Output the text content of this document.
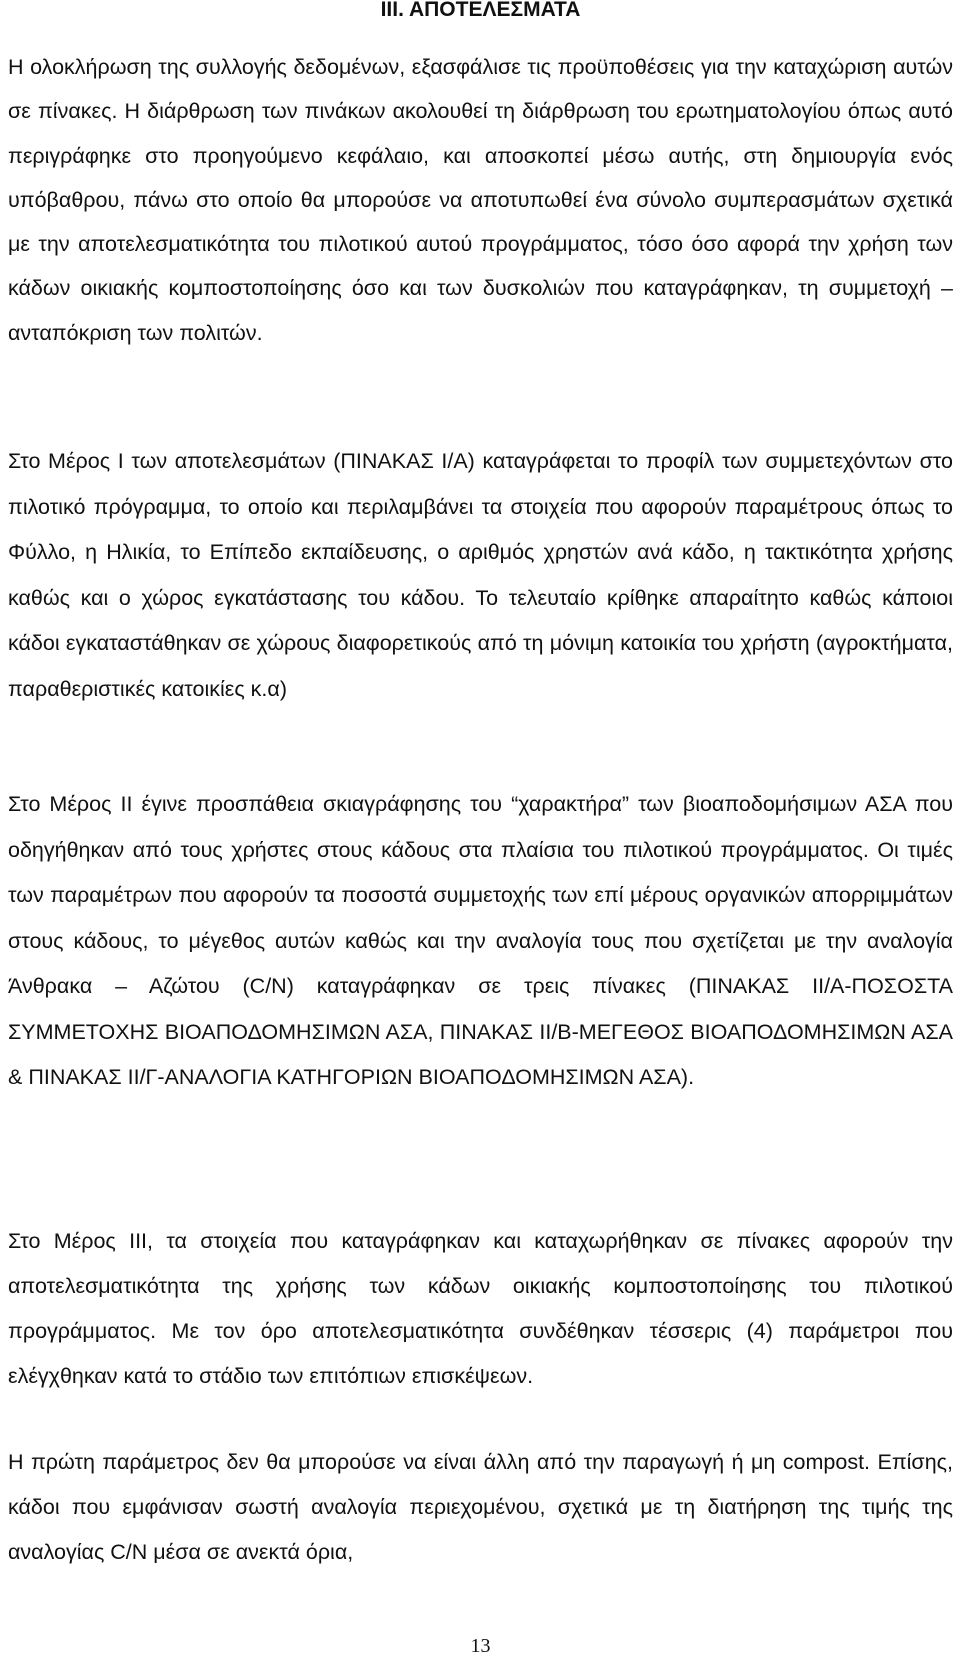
ΙΙΙ. ΑΠΟΤΕΛΕΣΜΑΤΑ

Η ολοκλήρωση της συλλογής δεδομένων, εξασφάλισε τις προϋποθέσεις για την καταχώριση αυτών σε πίνακες. Η διάρθρωση των πινάκων ακολουθεί τη διάρθρωση του ερωτηματολογίου όπως αυτό περιγράφηκε στο προηγούμενο κεφάλαιο, και αποσκοπεί μέσω αυτής, στη δημιουργία ενός υπόβαθρου, πάνω στο οποίο θα μπορούσε να αποτυπωθεί ένα σύνολο συμπερασμάτων σχετικά με την αποτελεσματικότητα του πιλοτικού αυτού προγράμματος, τόσο όσο αφορά την χρήση των κάδων οικιακής κομποστοποίησης όσο και των δυσκολιών που καταγράφηκαν, τη συμμετοχή – ανταπόκριση των πολιτών.

Στο Μέρος Ι των αποτελεσμάτων (ΠΙΝΑΚΑΣ Ι/Α) καταγράφεται το προφίλ των συμμετεχόντων στο πιλοτικό πρόγραμμα, το οποίο και περιλαμβάνει τα στοιχεία που αφορούν παραμέτρους όπως το Φύλλο, η Ηλικία, το Επίπεδο εκπαίδευσης, ο αριθμός χρηστών ανά κάδο, η τακτικότητα χρήσης καθώς και ο χώρος εγκατάστασης του κάδου. Το τελευταίο κρίθηκε απαραίτητο καθώς κάποιοι κάδοι εγκαταστάθηκαν σε χώρους διαφορετικούς από τη μόνιμη κατοικία του χρήστη (αγροκτήματα, παραθεριστικές κατοικίες κ.α)

Στο Μέρος ΙΙ έγινε προσπάθεια σκιαγράφησης του “χαρακτήρα” των βιοαποδομήσιμων ΑΣΑ που οδηγήθηκαν από τους χρήστες στους κάδους στα πλαίσια του πιλοτικού προγράμματος. Οι τιμές των παραμέτρων που αφορούν τα ποσοστά συμμετοχής των επί μέρους οργανικών απορριμμάτων στους κάδους, το μέγεθος αυτών καθώς και την αναλογία τους που σχετίζεται με την αναλογία Άνθρακα – Αζώτου (C/N) καταγράφηκαν σε τρεις πίνακες (ΠΙΝΑΚΑΣ ΙΙ/Α-ΠΟΣΟΣΤΑ ΣΥΜΜΕΤΟΧΗΣ ΒΙΟΑΠΟΔΟΜΗΣΙΜΩΝ ΑΣΑ, ΠΙΝΑΚΑΣ ΙΙ/Β-ΜΕΓΕΘΟΣ ΒΙΟΑΠΟΔΟΜΗΣΙΜΩΝ ΑΣΑ & ΠΙΝΑΚΑΣ ΙΙ/Γ-ΑΝΑΛΟΓΙΑ ΚΑΤΗΓΟΡΙΩΝ ΒΙΟΑΠΟΔΟΜΗΣΙΜΩΝ ΑΣΑ).

Στο Μέρος ΙΙΙ, τα στοιχεία που καταγράφηκαν και καταχωρήθηκαν σε πίνακες αφορούν την αποτελεσματικότητα της χρήσης των κάδων οικιακής κομποστοποίησης του πιλοτικού προγράμματος. Με τον όρο αποτελεσματικότητα συνδέθηκαν τέσσερις (4) παράμετροι που ελέγχθηκαν κατά το στάδιο των επιτόπιων επισκέψεων.

Η πρώτη παράμετρος δεν θα μπορούσε να είναι άλλη από την παραγωγή ή μη compost. Επίσης, κάδοι που εμφάνισαν σωστή αναλογία περιεχομένου, σχετικά με τη διατήρηση της τιμής της αναλογίας C/N μέσα σε ανεκτά όρια,

13
